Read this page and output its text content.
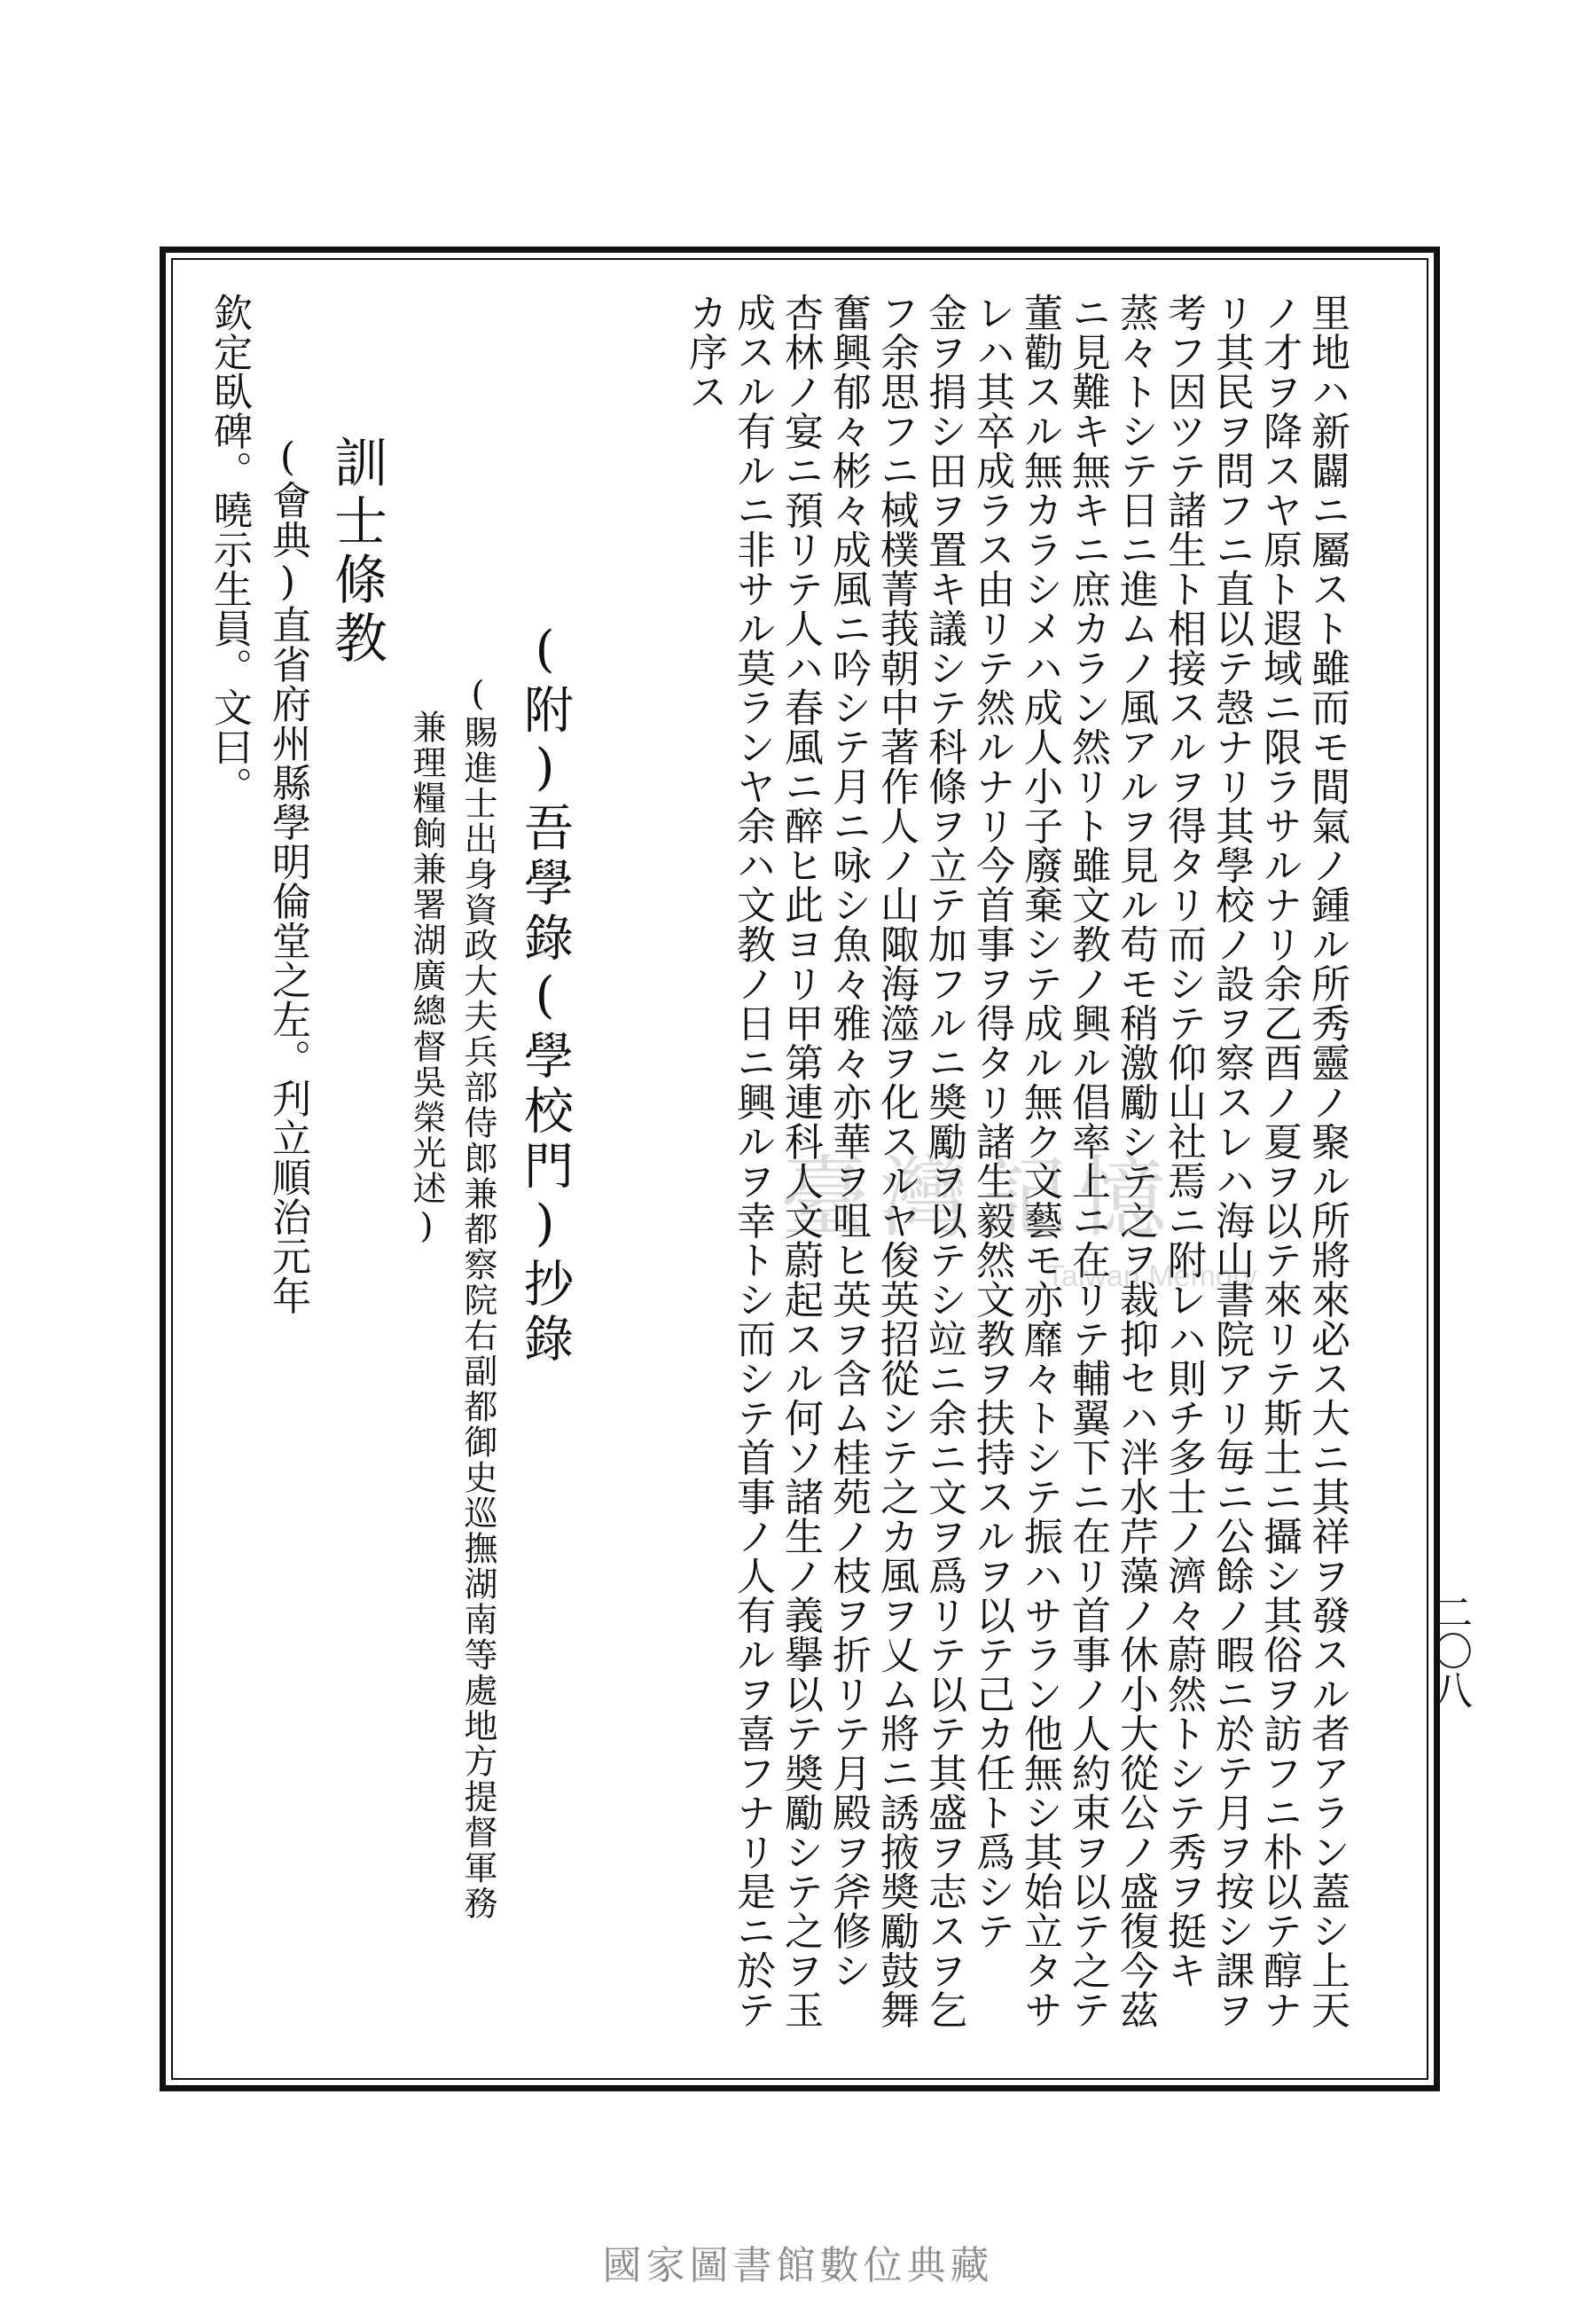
二〇八
里地ハ新闢ニ屬スト雖而モ間氣ノ鍾ル所秀靈ノ聚ル所將來必ス大ニ其祥ヲ發スル者アラン蓋シ上天
ノ才ヲ降スヤ原ト遐域ニ限ラサルナリ余乙酉ノ夏ヲ以テ來リテ斯土ニ攝シ其俗ヲ訪フニ朴以テ醇ナ
リ其民ヲ問フニ直以テ愨ナリ其學校ノ設ヲ察スレハ海山書院アリ毎ニ公餘ノ暇ニ於テ月ヲ按シ課ヲ
考フ因ツテ諸生ト相接スルヲ得タリ而シテ仰山社焉ニ附レハ則チ多士ノ濟々蔚然トシテ秀ヲ挺キ
蒸々トシテ日ニ進ムノ風アルヲ見ル苟モ稍激勵シテ之ヲ裁抑セハ泮水芹藻ノ休小大從公ノ盛復今茲
ニ見難キ無キニ庶カラン然リト雖文教ノ興ル倡率上ニ在リテ輔翼下ニ在リ首事ノ人約束ヲ以テ之テ
董勸スル無カラシメハ成人小子廢棄シテ成ル無ク文藝モ亦靡々トシテ振ハサラン他無シ其始立タサ
レハ其卒成ラス由リテ然ルナリ今首事ヲ得タリ諸生毅然文教ヲ扶持スルヲ以テ己カ任ト爲シテ
金ヲ捐シ田ヲ置キ議シテ科條ヲ立テ加フルニ奬勵ヲ以テシ竝ニ余ニ文ヲ爲リテ以テ其盛ヲ志スヲ乞
フ余思フニ棫樸菁莪朝中著作人ノ山陬海澨ヲ化スルヤ俊英招從シテ之カ風ヲ乂ム將ニ誘掖奬勵鼓舞
奮興郁々彬々成風ニ吟シテ月ニ咏シ魚々雅々亦華ヲ咀ヒ英ヲ含ム桂苑ノ枝ヲ折リテ月殿ヲ斧修シ
杏林ノ宴ニ預リテ人ハ春風ニ醉ヒ此ヨリ甲第連科人文蔚起スル何ソ諸生ノ義擧以テ奬勵シテ之ヲ玉
成スル有ルニ非サル莫ランヤ余ハ文教ノ日ニ興ルヲ幸トシ而シテ首事ノ人有ルヲ喜フナリ是ニ於テ
カ序ス
(附)吾學錄(學校門)抄錄
(賜進士出身資政大夫兵部侍郎兼都察院右副都御史巡撫湖南等處地方提督軍務
兼理糧餉兼署湖廣總督吳榮光述)
訓士條教
(會典)直省府州縣學明倫堂之左。刋立順治元年
欽定臥碑。曉示生員。文曰。
臺灣記憶
Taiwan Memory
國家圖書館數位典藏
